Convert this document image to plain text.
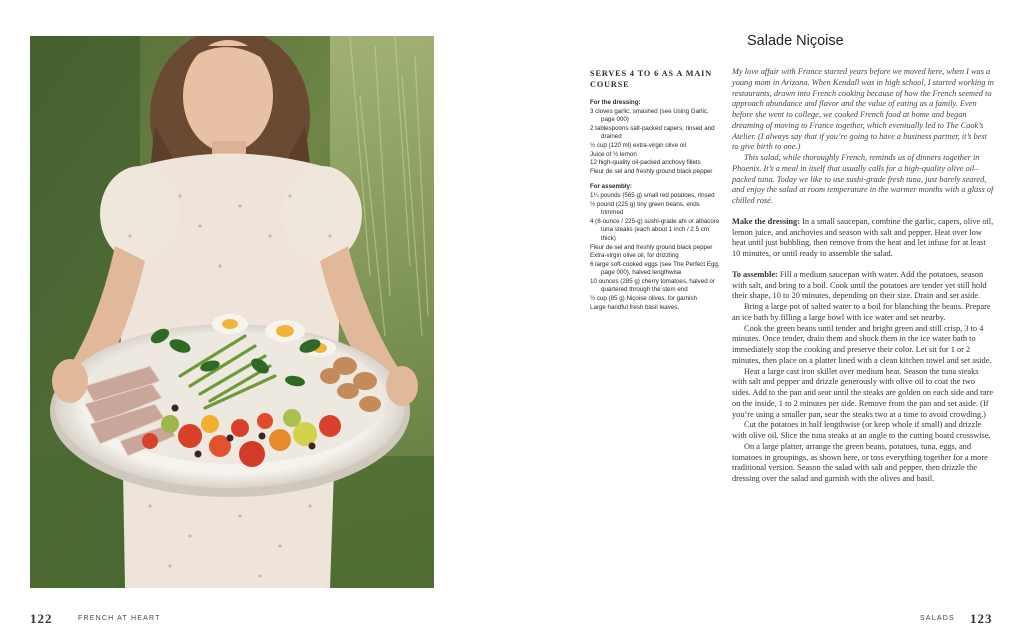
122	FRENCH AT HEART
Salade Niçoise
SERVES 4 TO 6 AS A MAIN COURSE

For the dressing:

3 cloves garlic, smashed (see Using Garlic, page 000)
2 tablespoons salt-packed capers, rinsed and drained
½ cup (120 ml) extra-virgin olive oil
Juice of ½ lemon
12 high-quality oil-packed anchovy fillets
Fleur de sel and freshly ground black pepper

For assembly:

1¼ pounds (565 g) small red potatoes, rinsed
½ pound (225 g) tiny green beans, ends trimmed
4 (8-ounce / 225-g) sushi-grade ahi or albacore tuna steaks (each about 1 inch / 2.5 cm thick)
Fleur de sel and freshly ground black pepper
Extra-virgin olive oil, for drizzling
6 large soft-cooked eggs (see The Perfect Egg, page 000), halved lengthwise
10 ounces (285 g) cherry tomatoes, halved or quartered through the stem end
½ cup (85 g) Niçoise olives, for garnish
Large handful fresh basil leaves,

My love affair with France started years before we moved here, when I was a young mom in Arizona. When Kendall was in high school, I started working in restaurants, drawn into French cooking because of how the French seemed to approach abundance and flavor and the value of eating as a family. Even before she went to college, we cooked French food at home and began dreaming of moving to France together, which eventually led to The Cook’s Atelier. (I always say that if you’re going to have a business partner, it’s best to give birth to one.)

This salad, while thoroughly French, reminds us of dinners together in Phoenix. It’s a meal in itself that usually calls for a high-quality olive oil–packed tuna. Today we like to use sushi-grade fresh tuna, just barely seared, and enjoy the salad at room temperature in the warmer months with a glass of chilled rosé.

Make the dressing: In a small saucepan, combine the garlic, capers, olive oil, lemon juice, and anchovies and season with salt and pepper. Heat over low heat until just bubbling, then remove from the heat and let infuse for at least 10 minutes, or until ready to assemble the salad.

To assemble: Fill a medium saucepan with water. Add the potatoes, season with salt, and bring to a boil. Cook until the potatoes are tender yet still hold their shape, 10 to 20 minutes, depending on their size. Drain and set aside.

Bring a large pot of salted water to a boil for blanching the beans. Prepare an ice bath by filling a large bowl with ice water and set nearby.

Cook the green beans until tender and bright green and still crisp, 3 to 4 minutes. Once tender, drain them and shock them in the ice water bath to immediately stop the cooking and preserve their color. Let sit for 1 or 2 minutes, then place on a platter lined with a clean kitchen towel and set aside.

Heat a large cast iron skillet over medium heat. Season the tuna steaks with salt and pepper and drizzle generously with olive oil to coat the two sides. Add to the pan and sear until the steaks are golden on each side and rare on the inside, 1 to 2 minutes per side. Remove from the pan and set aside. (If you’re using a smaller pan, sear the steaks two at a time to avoid crowding.)

Cut the potatoes in half lengthwise (or keep whole if small) and drizzle with olive oil. Slice the tuna steaks at an angle to the cutting board crosswise.

On a large platter, arrange the green beans, potatoes, tuna, eggs, and tomatoes in groupings, as shown here, or toss everything together for a more traditional version. Season the salad with salt and pepper, then drizzle the dressing over the salad and garnish with the olives and basil.

SALADS 123
